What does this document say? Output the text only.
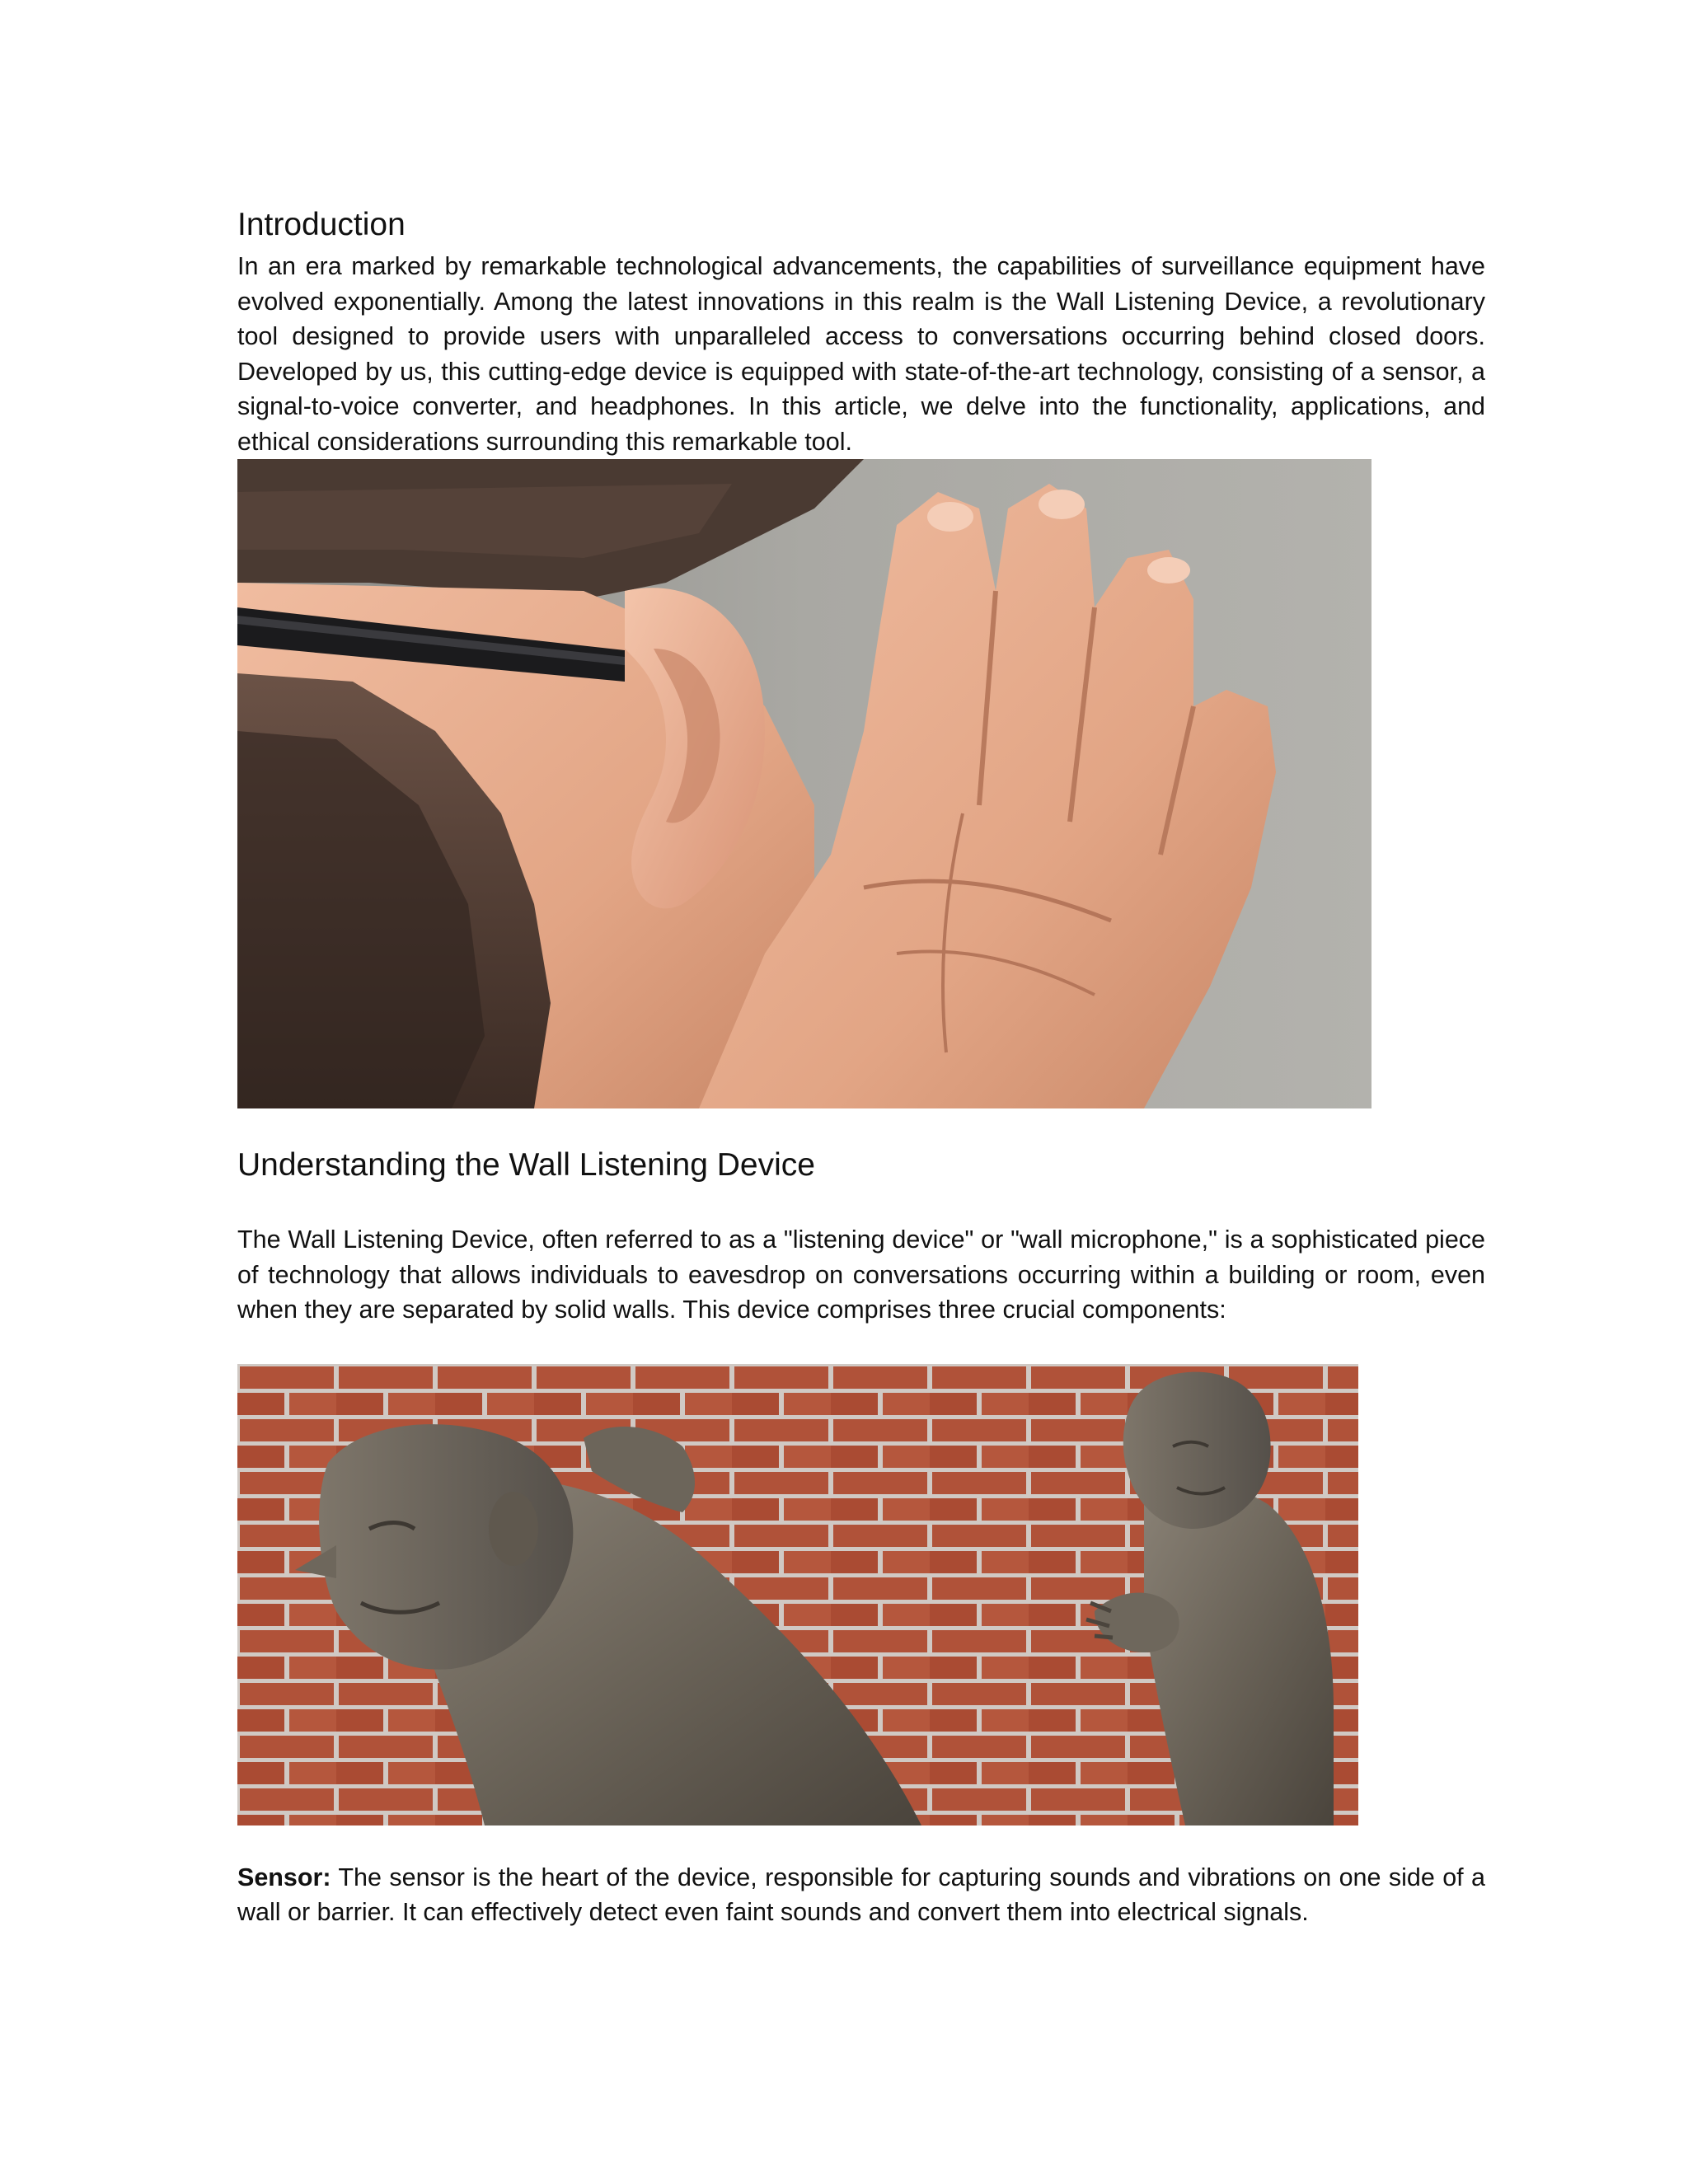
Introduction

In an era marked by remarkable technological advancements, the capabilities of surveillance equipment have evolved exponentially. Among the latest innovations in this realm is the Wall Listening Device, a revolutionary tool designed to provide users with unparalleled access to conversations occurring behind closed doors. Developed by us, this cutting-edge device is equipped with state-of-the-art technology, consisting of a sensor, a signal-to-voice converter, and headphones. In this article, we delve into the functionality, applications, and ethical considerations surrounding this remarkable tool.

Understanding the Wall Listening Device

The Wall Listening Device, often referred to as a "listening device" or "wall microphone," is a sophisticated piece of technology that allows individuals to eavesdrop on conversations occurring within a building or room, even when they are separated by solid walls. This device comprises three crucial components:

Sensor: The sensor is the heart of the device, responsible for capturing sounds and vibrations on one side of a wall or barrier. It can effectively detect even faint sounds and convert them into electrical signals.
